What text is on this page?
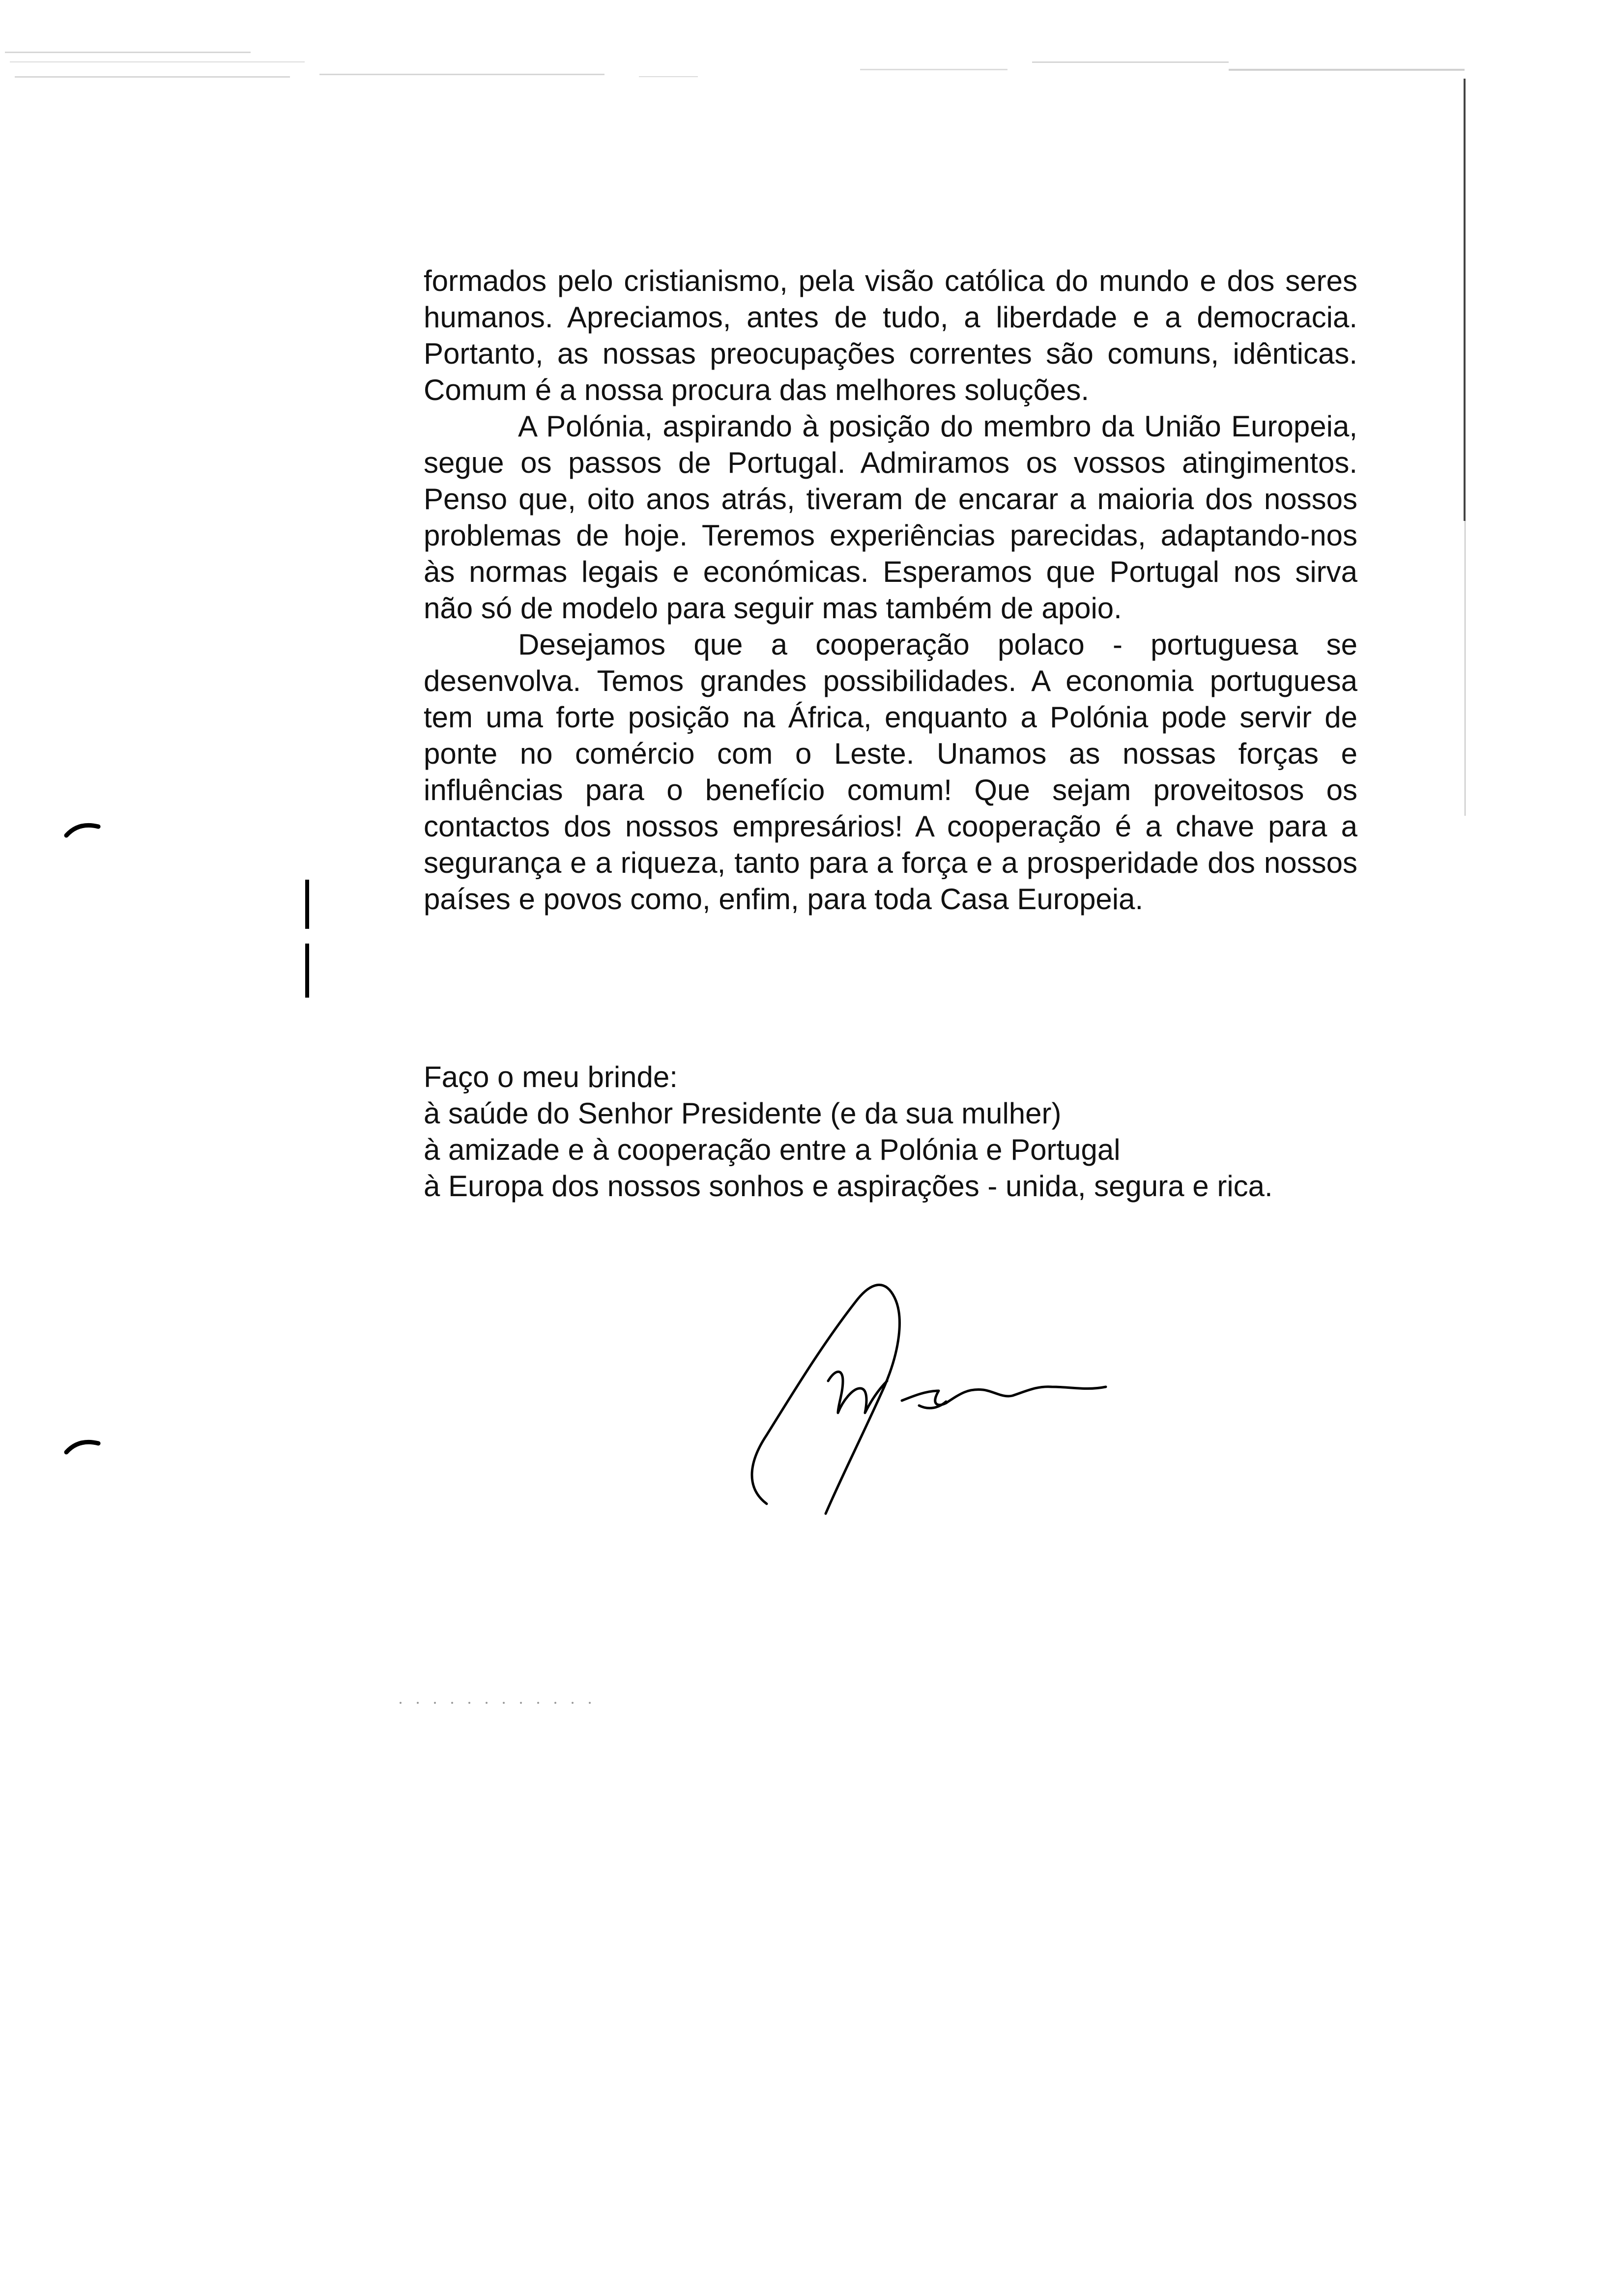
formados pelo cristianismo, pela visão católica do mundo e dos seres humanos. Apreciamos, antes de tudo, a liberdade e a democracia. Portanto, as nossas preocupações correntes são comuns, idênticas. Comum é a nossa procura das melhores soluções.

A Polónia, aspirando à posição do membro da União Europeia, segue os passos de Portugal. Admiramos os vossos atingimentos. Penso que, oito anos atrás, tiveram de encarar a maioria dos nossos problemas de hoje. Teremos experiências parecidas, adaptando-nos às normas legais e económicas. Esperamos que Portugal nos sirva não só de modelo para seguir mas também de apoio.

Desejamos que a cooperação polaco - portuguesa se desenvolva. Temos grandes possibilidades. A economia portuguesa tem uma forte posição na África, enquanto a Polónia pode servir de ponte no comércio com o Leste. Unamos as nossas forças e influências para o benefício comum! Que sejam proveitosos os contactos dos nossos empresários! A cooperação é a chave para a segurança e a riqueza, tanto para a força e a prosperidade dos nossos países e povos como, enfim, para toda Casa Europeia.

Faço o meu brinde:
à saúde do Senhor Presidente (e da sua mulher)
à amizade e à cooperação entre a Polónia e Portugal
à Europa dos nossos sonhos e aspirações - unida, segura e rica.
